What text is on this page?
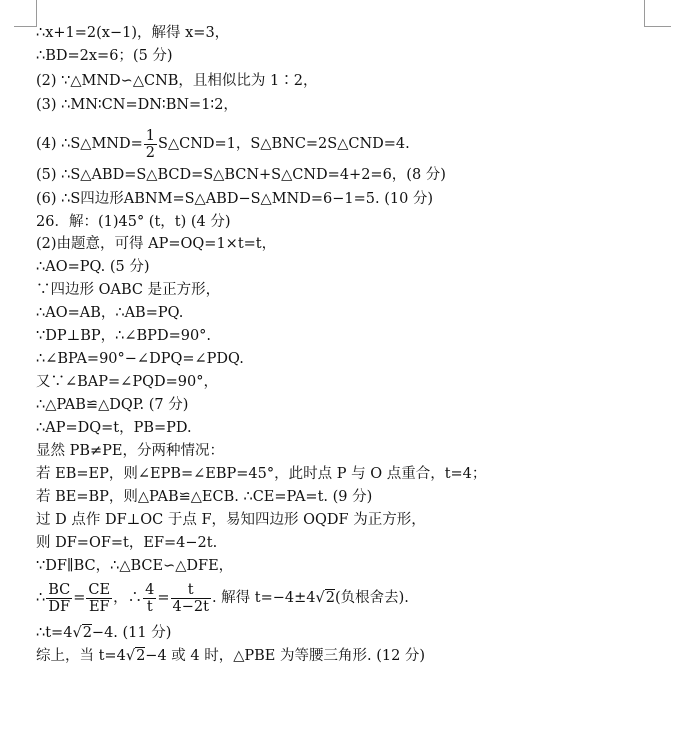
∴x+1=2(x−1)，解得 x=3，
∴BD=2x=6；(5 分)
(2) ∵△MND∽△CNB，且相似比为 1∶2，
(3) ∴MN∶CN=DN∶BN=1∶2，
(4) ∴S△MND= $\frac{1}{2}$ S△CND=1，S△BNC=2S△CND=4.
(5) ∴S△ABD=S△BCD=S△BCN+S△CND=4+2=6，(8 分)
(6) ∴S四边形ABNM=S△ABD−S△MND=6−1=5. (10 分)
26．解：(1)45° (t，t) (4 分)
(2)由题意，可得 AP=OQ=1×t=t，
∴AO=PQ. (5 分)
∵四边形 OABC 是正方形，
∴AO=AB，∴AB=PQ.
∵DP⊥BP，∴∠BPD=90°.
∴∠BPA=90°−∠DPQ=∠PDQ.
又∵∠BAP=∠PQD=90°，
∴△PAB≌△DQP. (7 分)
∴AP=DQ=t，PB=PD.
显然 PB≠PE，分两种情况：
若 EB=EP，则∠EPB=∠EBP=45°，此时点 P 与 O 点重合，t=4；
若 BE=BP，则△PAB≌△ECB. ∴CE=PA=t. (9 分)
过 D 点作 DF⊥OC 于点 F，易知四边形 OQDF 为正方形，
则 DF=OF=t，EF=4−2t.
∵DF∥BC，∴△BCE∽△DFE，
∴ $\frac{BC}{DF} = \frac{CE}{EF}$ ，∴ $\frac{4}{t} = \frac{t}{4-2t}$ . 解得 t=−4±4√2(负根舍去).
∴t=4√2−4. (11 分)
综上，当 t=4√2−4 或 4 时，△PBE 为等腰三角形. (12 分)
